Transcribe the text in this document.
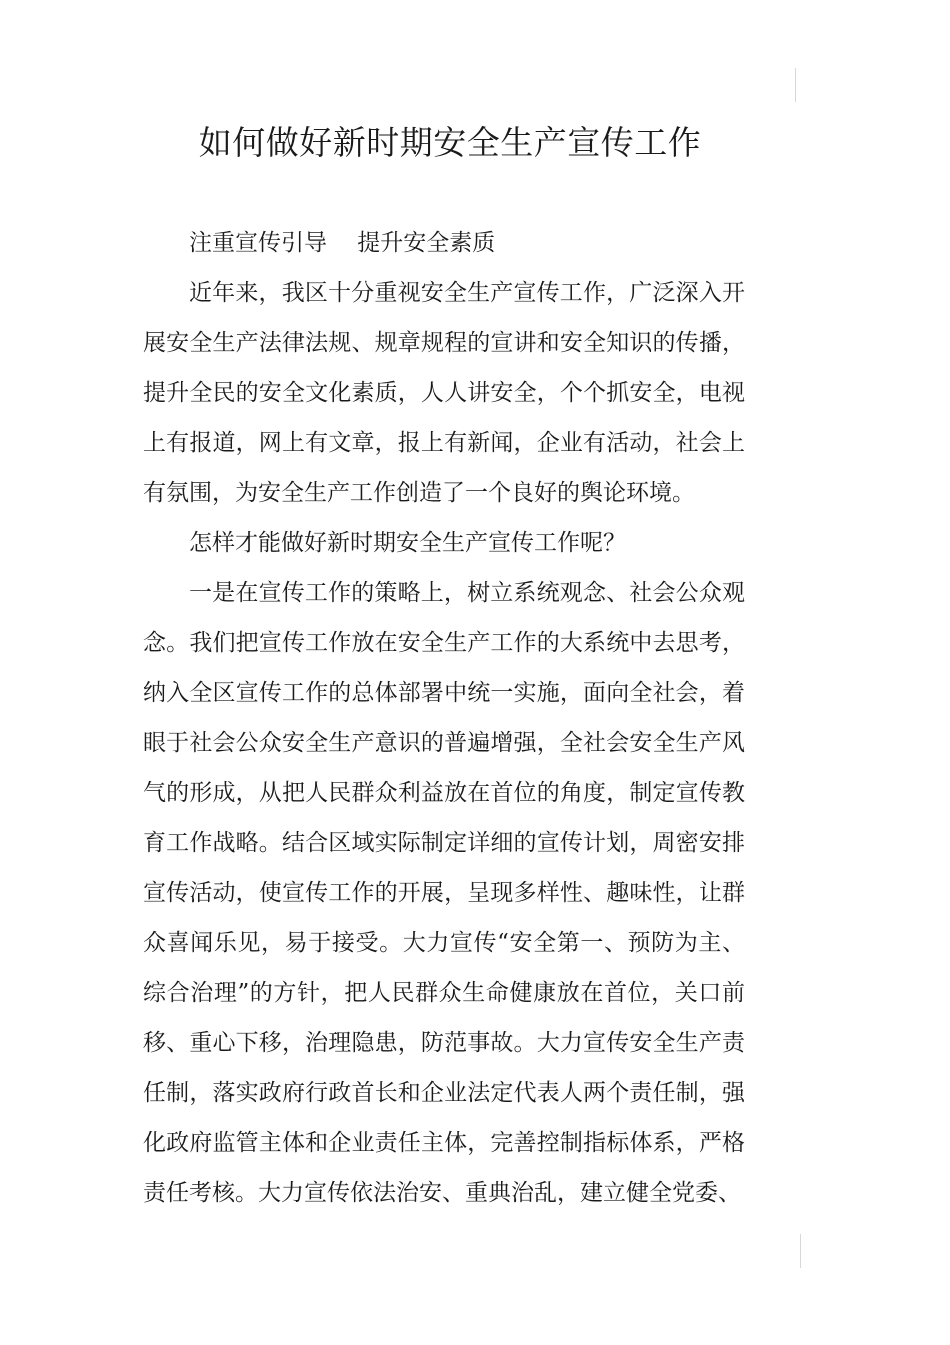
如何做好新时期安全生产宣传工作

注重宣传引导　 提升安全素质

近年来，我区十分重视安全生产宣传工作，广泛深入开展安全生产法律法规、规章规程的宣讲和安全知识的传播，提升全民的安全文化素质，人人讲安全，个个抓安全，电视上有报道，网上有文章，报上有新闻，企业有活动，社会上有氛围，为安全生产工作创造了一个良好的舆论环境。

怎样才能做好新时期安全生产宣传工作呢？

一是在宣传工作的策略上，树立系统观念、社会公众观念。我们把宣传工作放在安全生产工作的大系统中去思考，纳入全区宣传工作的总体部署中统一实施，面向全社会，着眼于社会公众安全生产意识的普遍增强，全社会安全生产风气的形成，从把人民群众利益放在首位的角度，制定宣传教育工作战略。结合区域实际制定详细的宣传计划，周密安排宣传活动，使宣传工作的开展，呈现多样性、趣味性，让群众喜闻乐见，易于接受。大力宣传“安全第一、预防为主、综合治理”的方针，把人民群众生命健康放在首位，关口前移、重心下移，治理隐患，防范事故。大力宣传安全生产责任制，落实政府行政首长和企业法定代表人两个责任制，强化政府监管主体和企业责任主体，完善控制指标体系，严格责任考核。大力宣传依法治安、重典治乱，建立健全党委、
